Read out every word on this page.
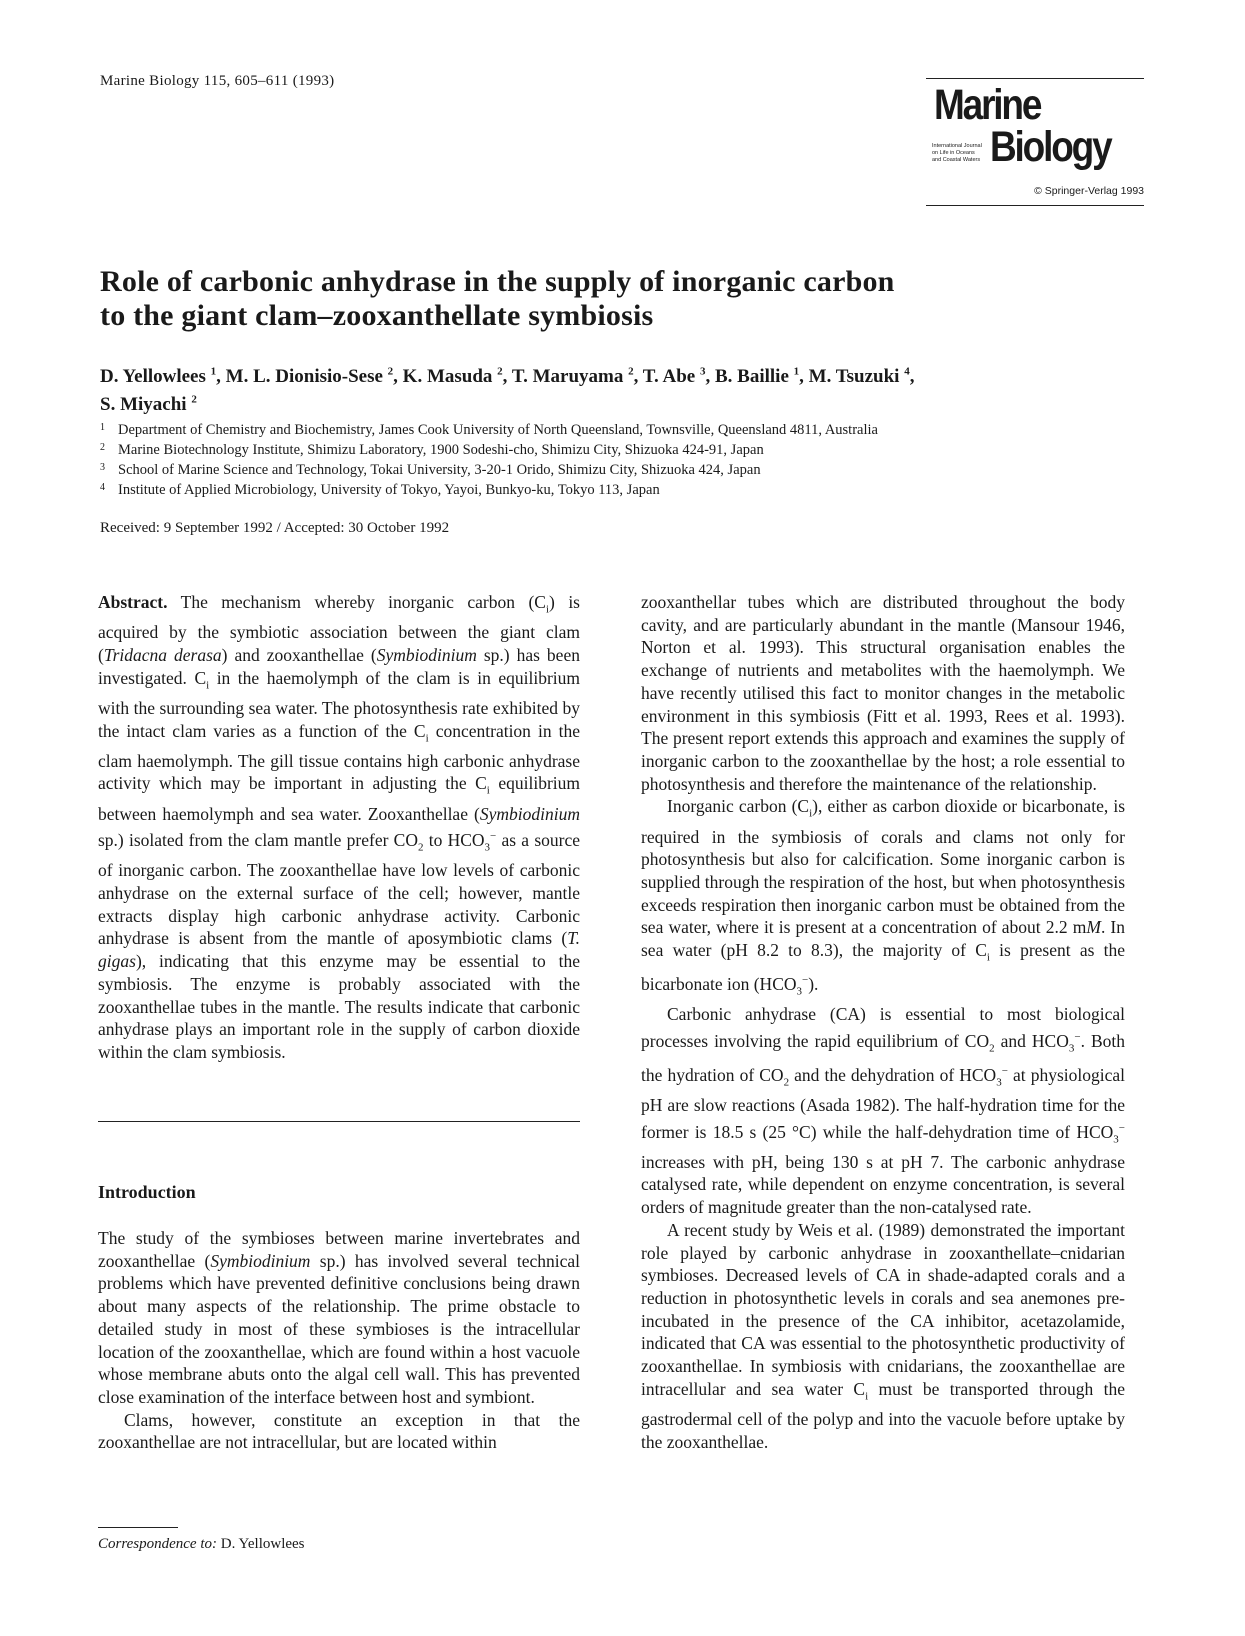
Marine Biology 115, 605–611 (1993)	Marine
International Journal
on Life in Oceans
and Coastal Waters Biology
© Springer-Verlag 1993
Role of carbonic anhydrase in the supply of inorganic carbon
to the giant clam–zooxanthellate symbiosis
D. Yellowlees $^1$, M. L. Dionisio-Sese $^2$, K. Masuda $^2$, T. Maruyama $^2$, T. Abe $^3$, B. Baillie $^1$, M. Tsuzuki $^4$,
S. Miyachi $^2$
1 Department of Chemistry and Biochemistry, James Cook University of North Queensland, Townsville, Queensland 4811, Australia
2 Marine Biotechnology Institute, Shimizu Laboratory, 1900 Sodeshi-cho, Shimizu City, Shizuoka 424-91, Japan
3 School of Marine Science and Technology, Tokai University, 3-20-1 Orido, Shimizu City, Shizuoka 424, Japan
4 Institute of Applied Microbiology, University of Tokyo, Yayoi, Bunkyo-ku, Tokyo 113, Japan
Received: 9 September 1992 / Accepted: 30 October 1992

Abstract. The mechanism whereby inorganic carbon $(C_i)$ is acquired by the symbiotic association between the giant clam (Tridacna derasa) and zooxanthellae (Symbiodinium sp.) has been investigated. $C_i$ in the haemolymph of the clam is in equilibrium with the surrounding sea water. The photosynthesis rate exhibited by the intact clam varies as a function of the $C_i$ concentration in the clam haemolymph. The gill tissue contains high carbonic anhydrase activity which may be important in adjusting the $C_i$ equilibrium between haemolymph and sea water. Zooxanthellae (Symbiodinium sp.) isolated from the clam mantle prefer $CO_2$ to $HCO_3^-$ as a source of inorganic carbon. The zooxanthellae have low levels of carbonic anhydrase on the external surface of the cell; however, mantle extracts display high carbonic anhydrase activity. Carbonic anhydrase is absent from the mantle of aposymbiotic clams (T. gigas), indicating that this enzyme may be essential to the symbiosis. The enzyme is probably associated with the zooxanthellae tubes in the mantle. The results indicate that carbonic anhydrase plays an important role in the supply of carbon dioxide within the clam symbiosis.

Introduction

The study of the symbioses between marine invertebrates and zooxanthellae (Symbiodinium sp.) has involved several technical problems which have prevented definitive conclusions being drawn about many aspects of the relationship. The prime obstacle to detailed study in most of these symbioses is the intracellular location of the zooxanthellae, which are found within a host vacuole whose membrane abuts onto the algal cell wall. This has prevented close examination of the interface between host and symbiont.

Clams, however, constitute an exception in that the zooxanthellae are not intracellular, but are located within

Correspondence to: D. Yellowlees

zooxanthellar tubes which are distributed throughout the body cavity, and are particularly abundant in the mantle (Mansour 1946, Norton et al. 1993). This structural organisation enables the exchange of nutrients and metabolites with the haemolymph. We have recently utilised this fact to monitor changes in the metabolic environment in this symbiosis (Fitt et al. 1993, Rees et al. 1993). The present report extends this approach and examines the supply of inorganic carbon to the zooxanthellae by the host; a role essential to photosynthesis and therefore the maintenance of the relationship.

Inorganic carbon $(C_i)$, either as carbon dioxide or bicarbonate, is required in the symbiosis of corals and clams not only for photosynthesis but also for calcification. Some inorganic carbon is supplied through the respiration of the host, but when photosynthesis exceeds respiration then inorganic carbon must be obtained from the sea water, where it is present at a concentration of about 2.2 mM. In sea water (pH 8.2 to 8.3), the majority of $C_i$ is present as the bicarbonate ion $(HCO_3^-)$.

Carbonic anhydrase (CA) is essential to most biological processes involving the rapid equilibrium of $CO_2$ and $HCO_3^-$. Both the hydration of $CO_2$ and the dehydration of $HCO_3^-$ at physiological pH are slow reactions (Asada 1982). The half-hydration time for the former is 18.5 s (25 °C) while the half-dehydration time of $HCO_3^-$ increases with pH, being 130 s at pH 7. The carbonic anhydrase catalysed rate, while dependent on enzyme concentration, is several orders of magnitude greater than the non-catalysed rate.

A recent study by Weis et al. (1989) demonstrated the important role played by carbonic anhydrase in zooxanthellate–cnidarian symbioses. Decreased levels of CA in shade-adapted corals and a reduction in photosynthetic levels in corals and sea anemones pre-incubated in the presence of the CA inhibitor, acetazolamide, indicated that CA was essential to the photosynthetic productivity of zooxanthellae. In symbiosis with cnidarians, the zooxanthellae are intracellular and sea water $C_i$ must be transported through the gastrodermal cell of the polyp and into the vacuole before uptake by the zooxanthellae.
